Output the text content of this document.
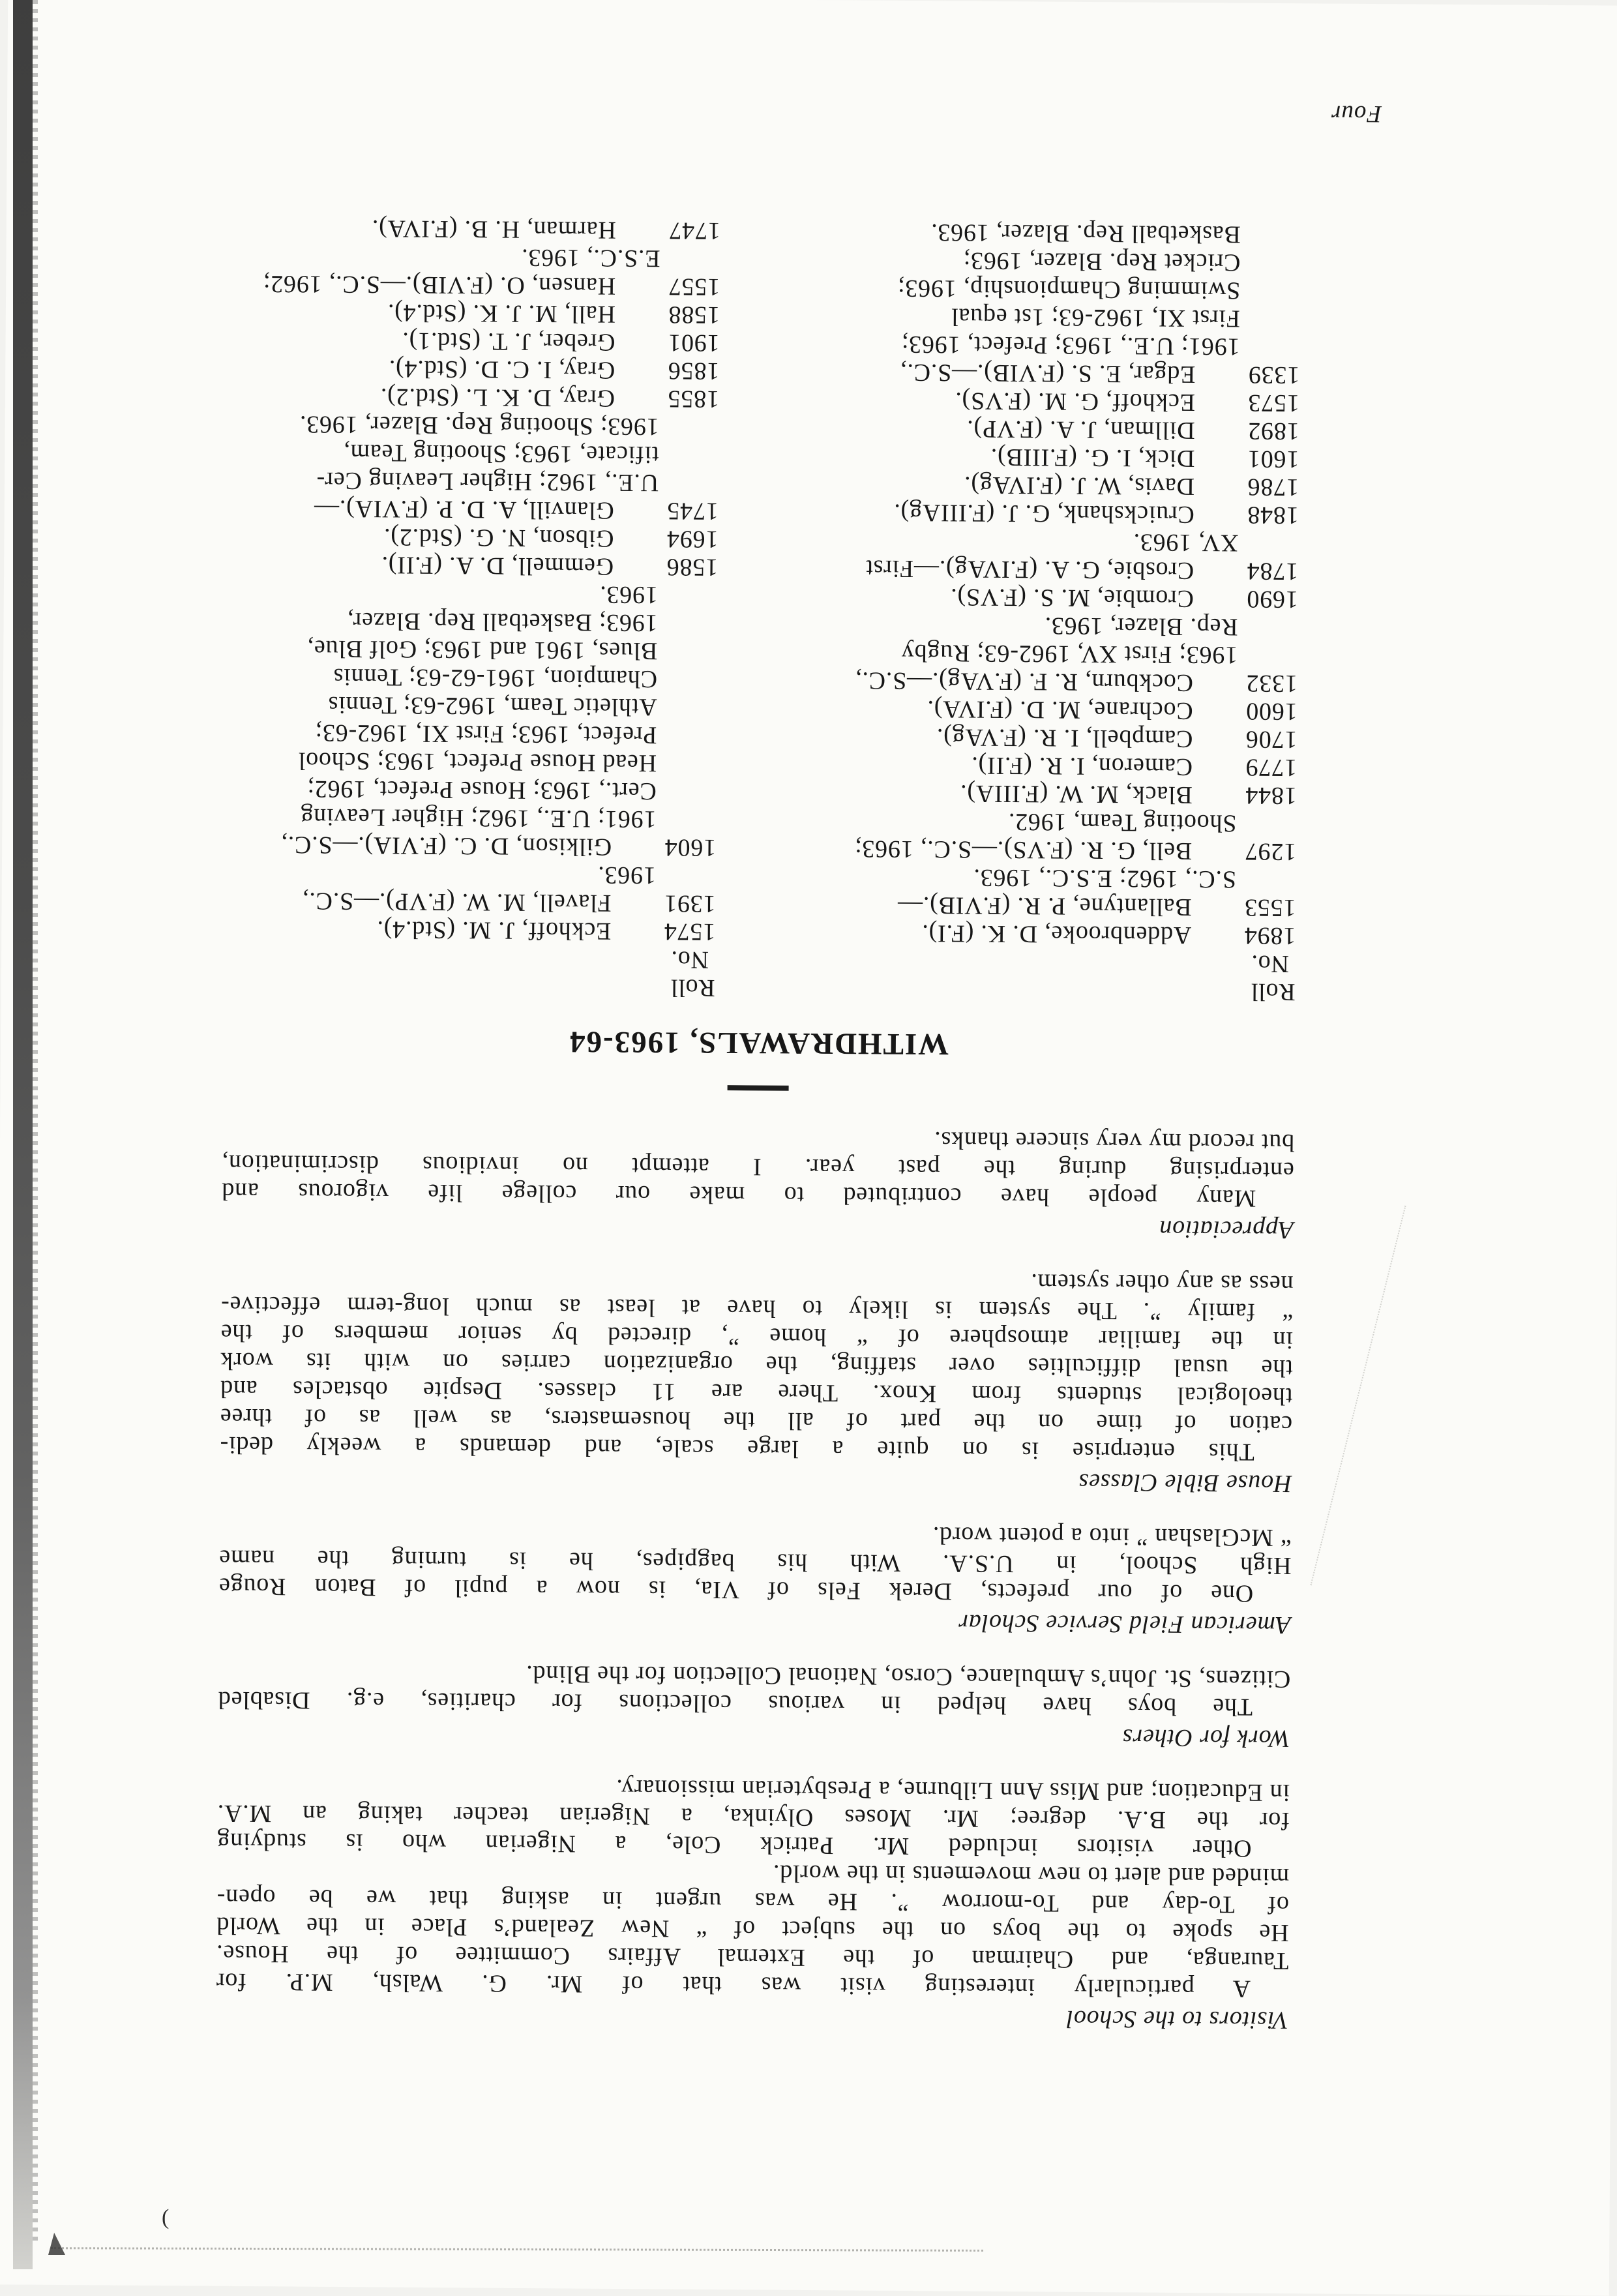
Visitors to the School
A particularly interesting visit was that of Mr. G. Walsh, M.P. for
Tauranga, and Chairman of the External Affairs Committee of the House.
He spoke to the boys on the subject of “ New Zealand’s Place in the World
of To-day and To-morrow ”. He was urgent in asking that we be open-
minded and alert to new movements in the world.
Other visitors included Mr. Patrick Cole, a Nigerian who is studying
for the B.A. degree; Mr. Moses Olyinka, a Nigerian teacher taking an M.A.
in Education; and Miss Ann Lilburne, a Presbyterian missionary.
Work for Others
The boys have helped in various collections for charities, e.g. Disabled
Citizens, St. John’s Ambulance, Corso, National Collection for the Blind.
American Field Service Scholar
One of our prefects, Derek Fels of VIa, is now a pupil of Baton Rouge
High School, in U.S.A. With his bagpipes, he is turning the name
“ McGlashan ” into a potent word.
House Bible Classes
This enterprise is on quite a large scale, and demands a weekly dedi-
cation of time on the part of all the housemasters, as well as of three
theological students from Knox. There are 11 classes. Despite obstacles and
the usual difficulties over staffing, the organization carries on with its work
in the familiar atmosphere of “ home ”, directed by senior members of the
“ family ”. The system is likely to have at least as much long-term effective-
ness as any other system.
Appreciation
Many people have contributed to make our college life vigorous and
enterprising during the past year. I attempt no invidious discrimination,
but record my very sincere thanks.
WITHDRAWALS, 1963-64
Roll
No.
1894Addenbrooke, D. K. (F.I).
1553Ballantyne, P. R. (F.VIB).—
S.C., 1962; E.S.C., 1963.
1297Bell, G. R. (F.VS).—S.C., 1963;
Shooting Team, 1962.
1844Black, M. W. (F.IIIA).
1779Cameron, I. R. (F.II).
1706Campbell, I. R. (F.VAg).
1600Cochrane, M. D. (F.IVA).
1332Cockburn, R. F. (F.VAg).—S.C.,
1963; First XV, 1962-63; Rugby
Rep. Blazer, 1963.
1690Crombie, M. S. (F.VS).
1784Crosbie, G. A. (F.IVAg).—First
XV, 1963.
1848Cruickshank, G. J. (F.IIIAg).
1786Davis, W. J. (F.IVAg).
1601Dick, I. G. (F.IIIB).
1892Dillman, J. A. (F.VP).
1573Eckhoff, G. M. (F.VS).
1339Edgar, E. S. (F.VIB).—S.C.,
1961; U.E., 1963; Prefect, 1963;
First XI, 1962-63; 1st equal
Swimming Championship, 1963;
Cricket Rep. Blazer, 1963;
Basketball Rep. Blazer, 1963.
Roll
No.
1574Eckhoff, J. M. (Std.4).
1391Flavell, M. W. (F.VP).—S.C.,
1963.
1604Gilkison, D. C. (F.VIA).—S.C.,
1961; U.E., 1962; Higher Leaving
Cert., 1963; House Prefect, 1962;
Head House Prefect, 1963; School
Prefect, 1963; First XI, 1962-63;
Athletic Team, 1962-63; Tennis
Champion, 1961-62-63; Tennis
Blues, 1961 and 1963; Golf Blue,
1963; Basketball Rep. Blazer,
1963.
1586Gemmell, D. A. (F.II).
1694Gibson, N. G. (Std.2).
1745Glanvill, A. D. P. (F.VIA).—
U.E., 1962; Higher Leaving Cer-
tificate, 1963; Shooting Team,
1963; Shooting Rep. Blazer, 1963.
1855Gray, D. K. L. (Std.2).
1856Gray, I. C. D. (Std.4).
1901Greber, J. T. (Std.1).
1588Hall, M. J. K. (Std.4).
1557Hansen, O. (F.VIB).—S.C., 1962;
E.S.C., 1963.
1747Harman, H. B. (F.IVA).
Four
(
